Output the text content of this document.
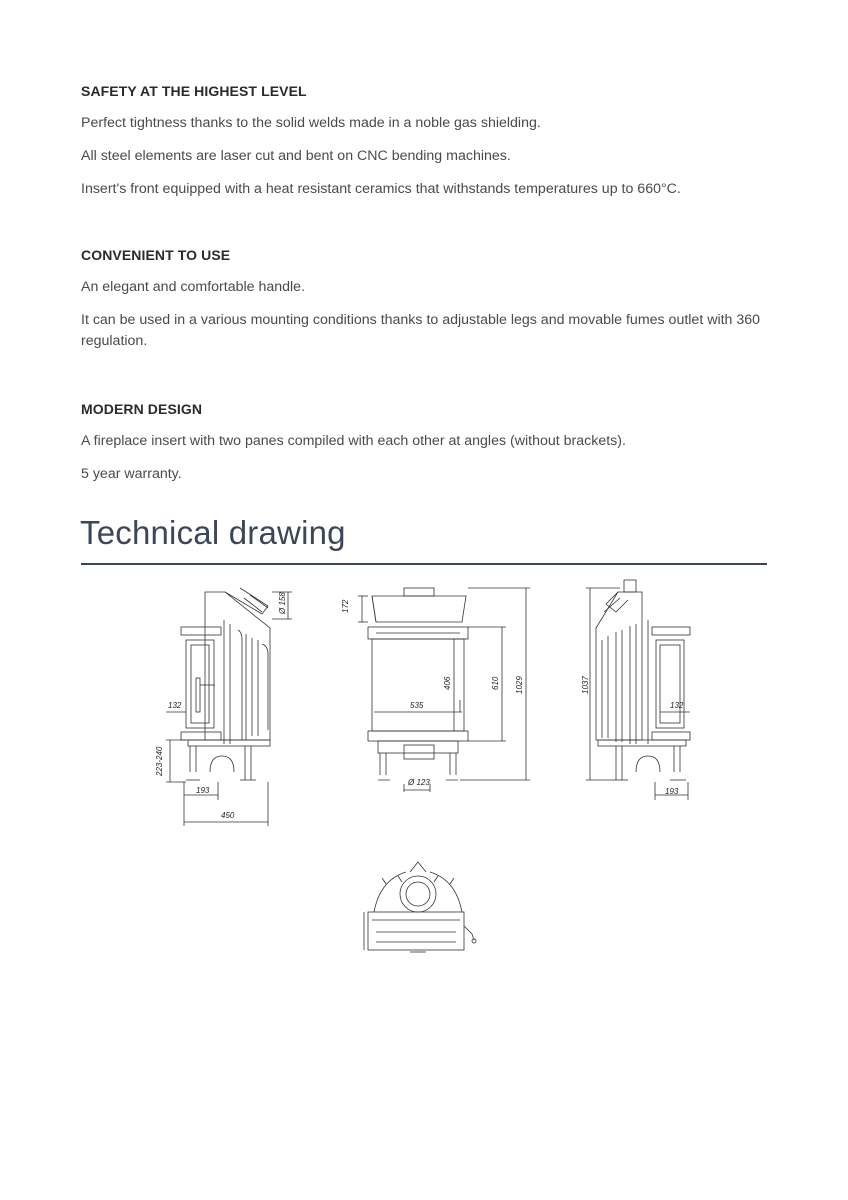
SAFETY AT THE HIGHEST LEVEL

Perfect tightness thanks to the solid welds made in a noble gas shielding.

All steel elements are laser cut and bent on CNC bending machines.

Insert's front equipped with a heat resistant ceramics that withstands temperatures up to 660°C.

CONVENIENT TO USE

An elegant and comfortable handle.

It can be used in a various mounting conditions thanks to adjustable legs and movable fumes outlet with 360 regulation.

MODERN DESIGN

A fireplace insert with two panes compiled with each other at angles (without brackets).

5 year warranty.

Technical drawing
Ø 158
132
223-240
193
450
172
535
406	610 1029
Ø 123
1037
132
193
